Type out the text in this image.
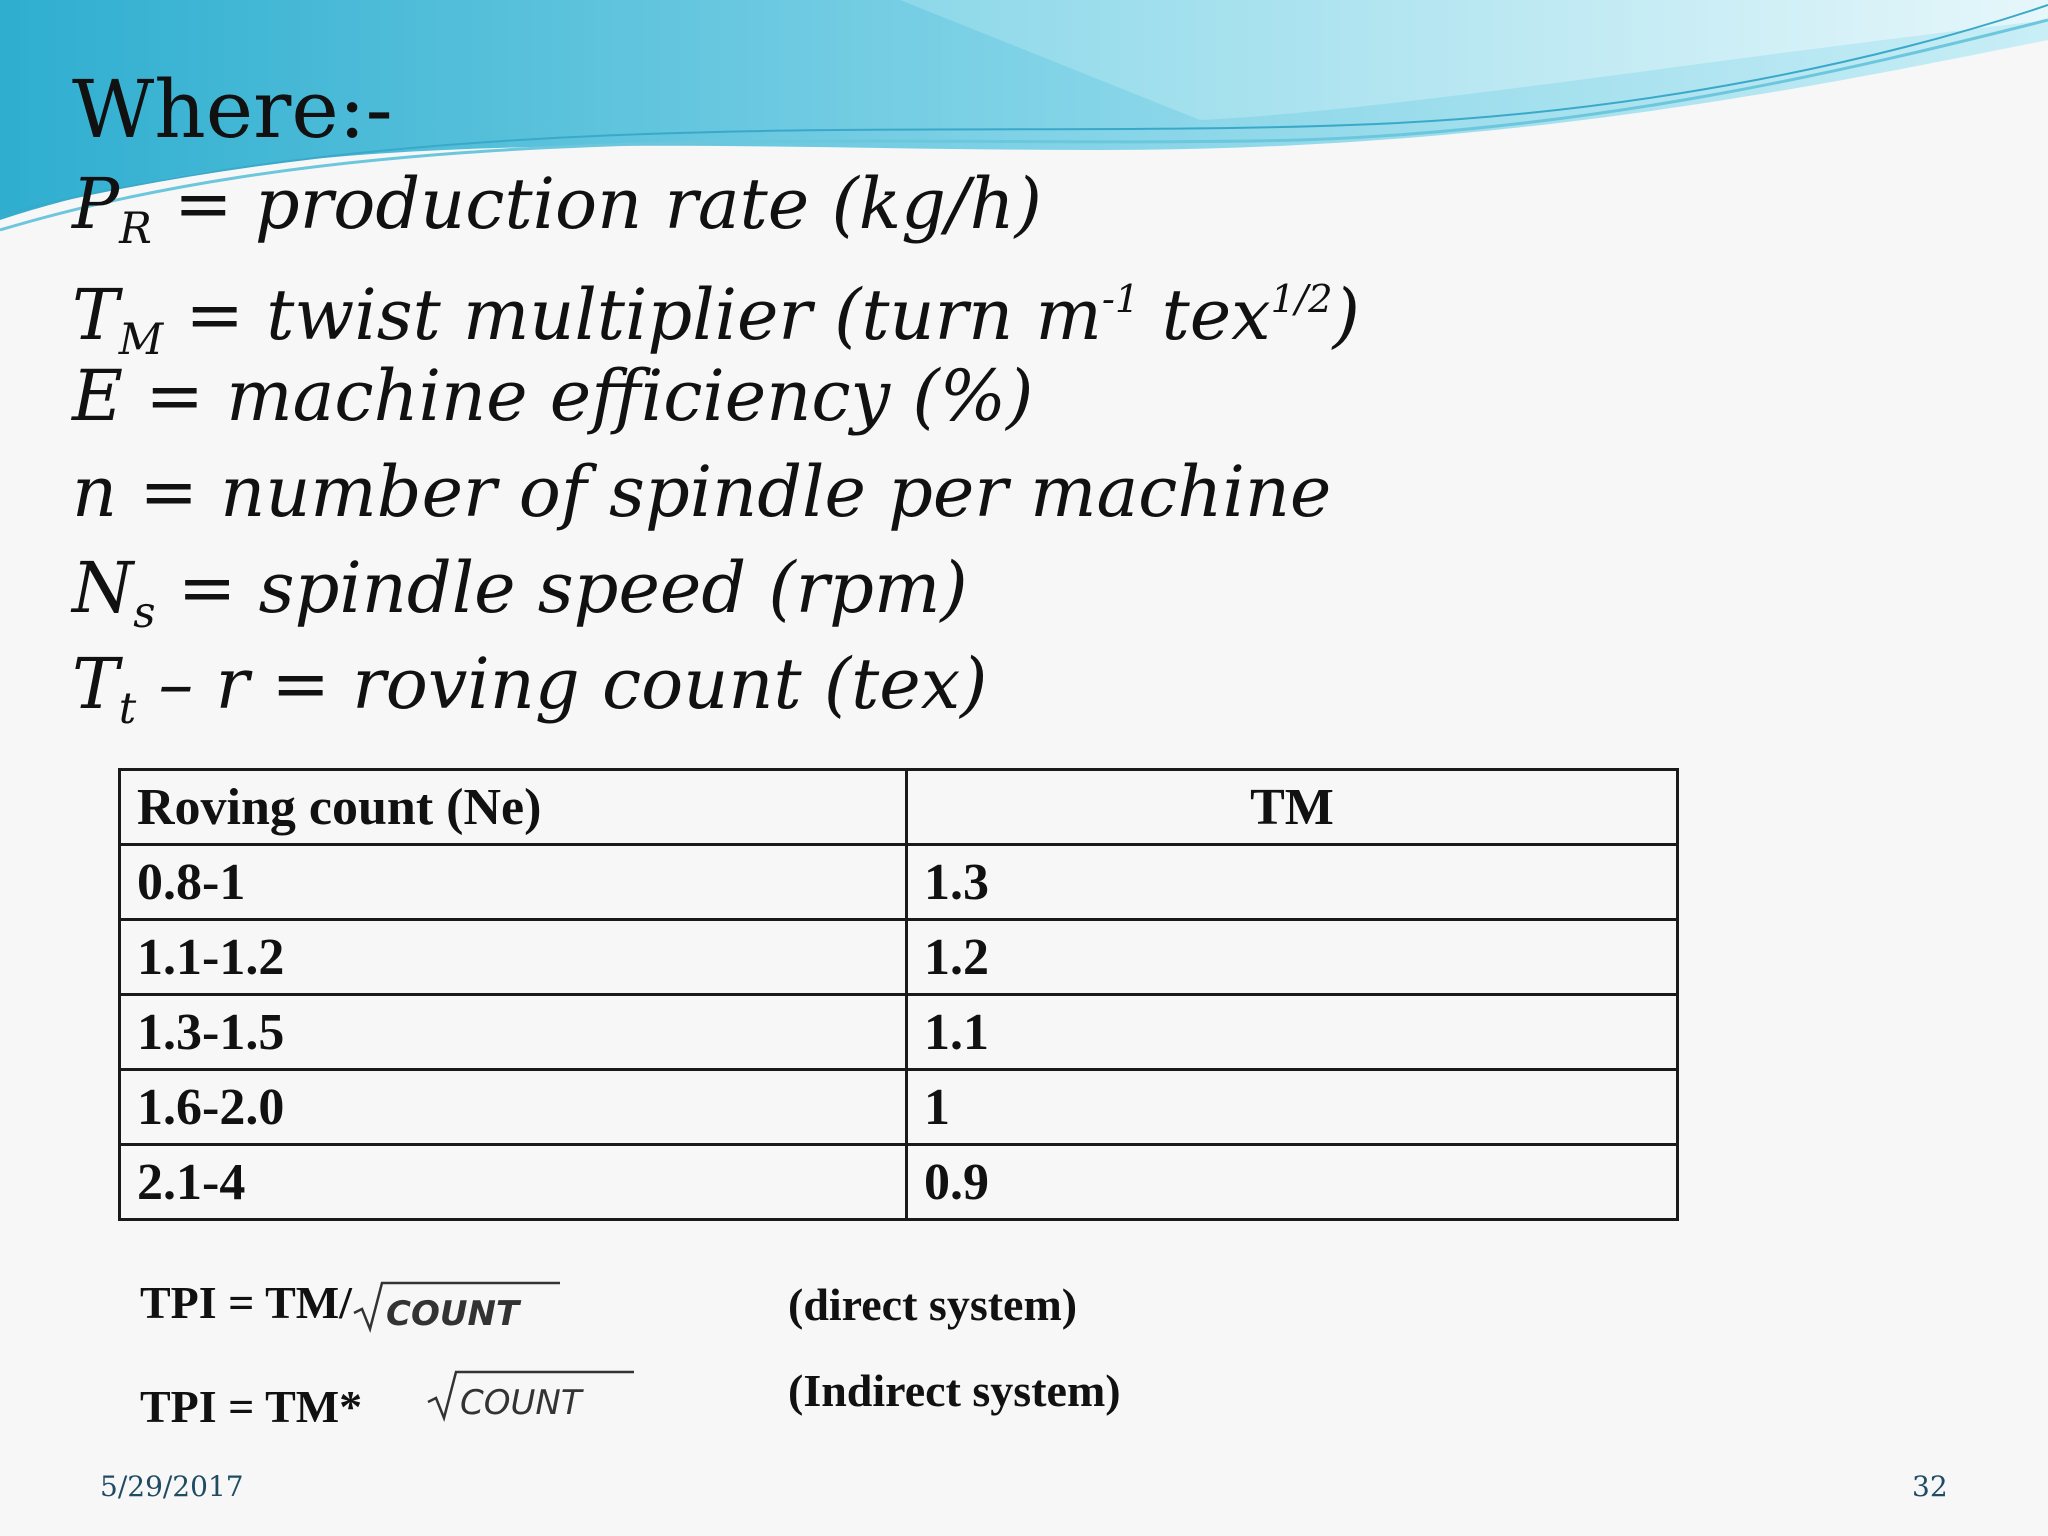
Where:-
$P_R$ = production rate (kg/h)
$T_M$ = twist multiplier (turn $m^{-1}$ tex$^{1/2}$)
E = machine efficiency (%)
n = number of spindle per machine
$N_s$ = spindle speed (rpm)
$T_t$ – r = roving count (tex)
Roving count (Ne)	TM
0.8-1	1.3
1.1-1.2	1.2
1.3-1.5	1.1
1.6-2.0	1
2.1-4	0.9
TPI = TM/ COUNT	(direct system)
TPI = TM*	COUNT	(Indirect system)
5/29/2017	32
